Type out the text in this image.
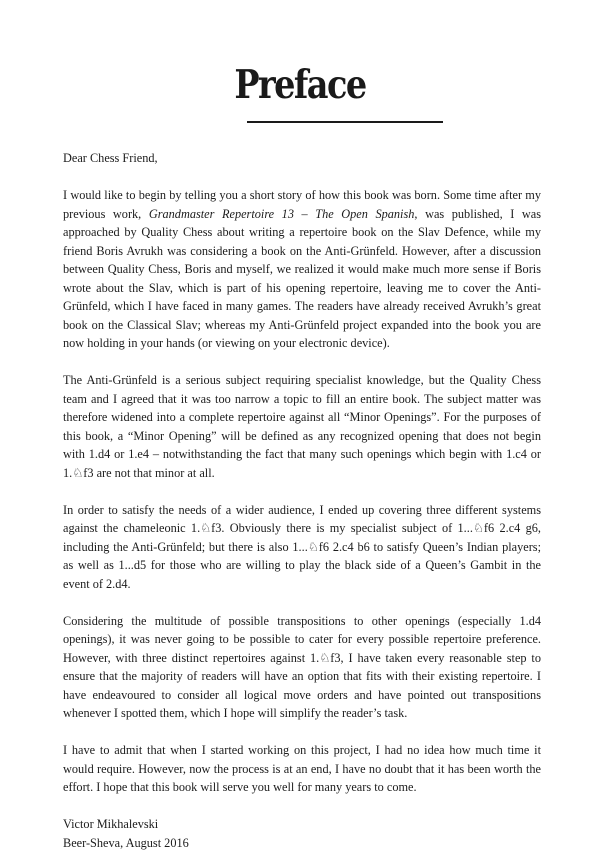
Preface

Dear Chess Friend,

I would like to begin by telling you a short story of how this book was born. Some time after my previous work, Grandmaster Repertoire 13 – The Open Spanish, was published, I was approached by Quality Chess about writing a repertoire book on the Slav Defence, while my friend Boris Avrukh was considering a book on the Anti-Grünfeld. However, after a discussion between Quality Chess, Boris and myself, we realized it would make much more sense if Boris wrote about the Slav, which is part of his opening repertoire, leaving me to cover the Anti-Grünfeld, which I have faced in many games. The readers have already received Avrukh’s great book on the Classical Slav; whereas my Anti-Grünfeld project expanded into the book you are now holding in your hands (or viewing on your electronic device).

The Anti-Grünfeld is a serious subject requiring specialist knowledge, but the Quality Chess team and I agreed that it was too narrow a topic to fill an entire book. The subject matter was therefore widened into a complete repertoire against all “Minor Openings”. For the purposes of this book, a “Minor Opening” will be defined as any recognized opening that does not begin with 1.d4 or 1.e4 – notwithstanding the fact that many such openings which begin with 1.c4 or 1.♘f3 are not that minor at all.

In order to satisfy the needs of a wider audience, I ended up covering three different systems against the chameleonic 1.♘f3. Obviously there is my specialist subject of 1...♘f6 2.c4 g6, including the Anti-Grünfeld; but there is also 1...♘f6 2.c4 b6 to satisfy Queen’s Indian players; as well as 1...d5 for those who are willing to play the black side of a Queen’s Gambit in the event of 2.d4.

Considering the multitude of possible transpositions to other openings (especially 1.d4 openings), it was never going to be possible to cater for every possible repertoire preference. However, with three distinct repertoires against 1.♘f3, I have taken every reasonable step to ensure that the majority of readers will have an option that fits with their existing repertoire. I have endeavoured to consider all logical move orders and have pointed out transpositions whenever I spotted them, which I hope will simplify the reader’s task.

I have to admit that when I started working on this project, I had no idea how much time it would require. However, now the process is at an end, I have no doubt that it has been worth the effort. I hope that this book will serve you well for many years to come.

Victor Mikhalevski
Beer-Sheva, August 2016
